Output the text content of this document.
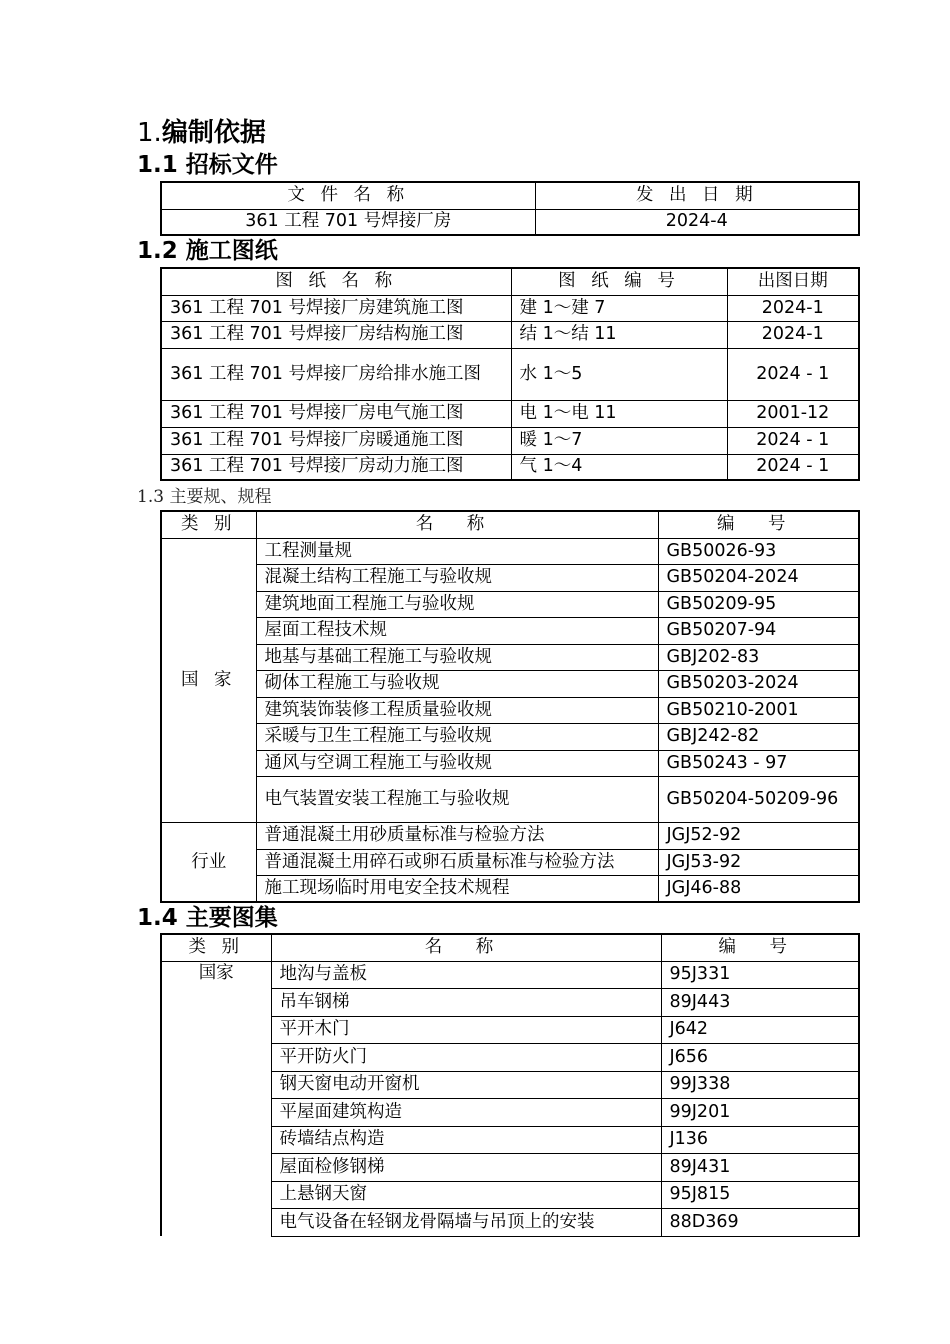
1.编制依据
1.1 招标文件
文 件 名 称	发 出 日 期
361 工程 701 号焊接厂房	2024-4
1.2 施工图纸
图 纸 名 称	图 纸 编 号	出图日期
361 工程 701 号焊接厂房建筑施工图	建 1～建 7	2024-1
361 工程 701 号焊接厂房结构施工图	结 1～结 11	2024-1
361 工程 701 号焊接厂房给排水施工图	水 1～5	2024 - 1
361 工程 701 号焊接厂房电气施工图	电 1～电 11	2001-12
361 工程 701 号焊接厂房暖通施工图	暖 1～7	2024 - 1
361 工程 701 号焊接厂房动力施工图	气 1～4	2024 - 1
1.3 主要规、规程
类 别	名 称	编 号
国 家	工程测量规	GB50026-93
	混凝土结构工程施工与验收规	GB50204-2024
	建筑地面工程施工与验收规	GB50209-95
	屋面工程技术规	GB50207-94
	地基与基础工程施工与验收规	GBJ202-83
	砌体工程施工与验收规	GB50203-2024
	建筑装饰装修工程质量验收规	GB50210-2001
	采暖与卫生工程施工与验收规	GBJ242-82
	通风与空调工程施工与验收规	GB50243 - 97
	电气装置安装工程施工与验收规	GB50204-50209-96
行业	普通混凝土用砂质量标准与检验方法	JGJ52-92
	普通混凝土用碎石或卵石质量标准与检验方法	JGJ53-92
	施工现场临时用电安全技术规程	JGJ46-88
1.4 主要图集
类 别	名 称	编 号
国家	地沟与盖板	95J331
	吊车钢梯	89J443
	平开木门	J642
	平开防火门	J656
	钢天窗电动开窗机	99J338
	平屋面建筑构造	99J201
	砖墙结点构造	J136
	屋面检修钢梯	89J431
	上悬钢天窗	95J815
	电气设备在轻钢龙骨隔墙与吊顶上的安装	88D369
